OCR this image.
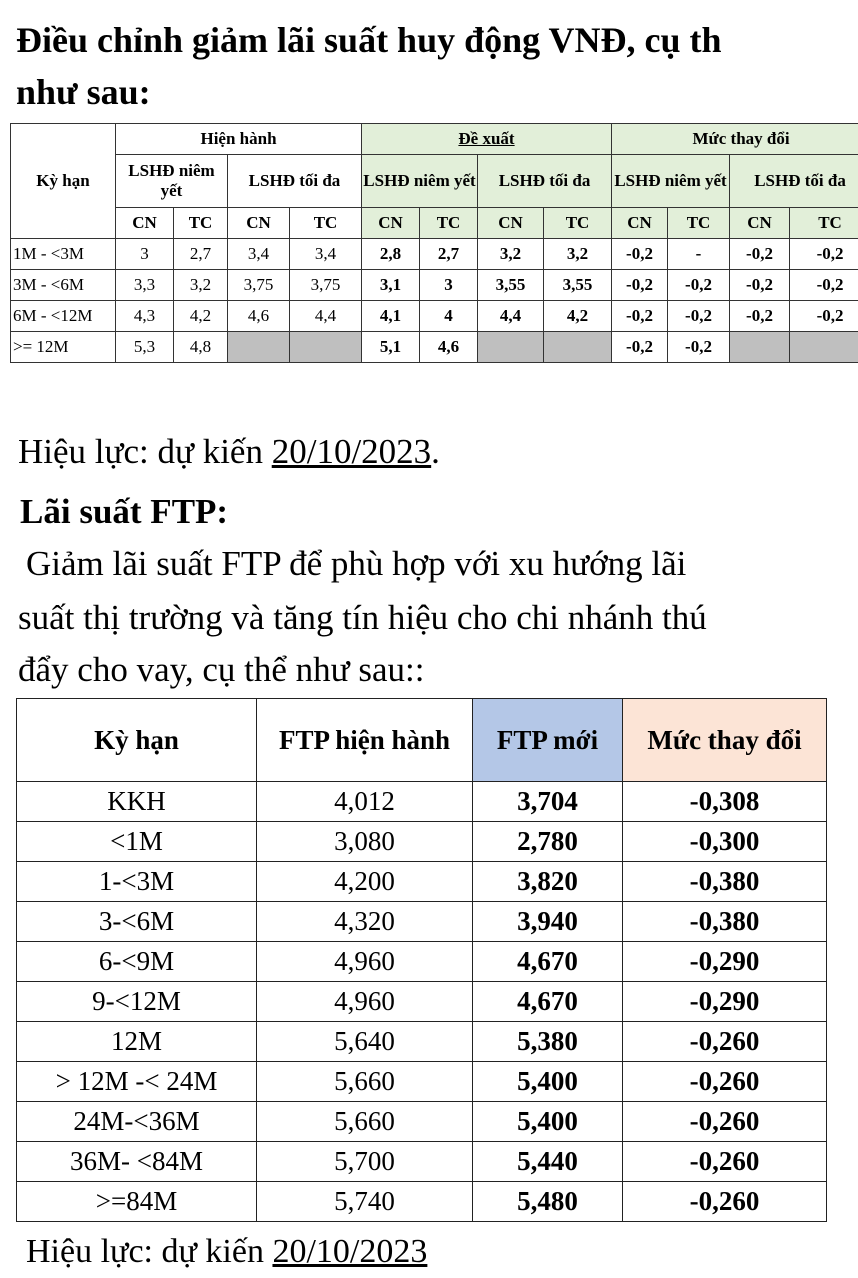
Điều chỉnh giảm lãi suất huy động VNĐ, cụ th
như sau:
Kỳ hạn	Hiện hành				Đề xuất				Mức thay đổi			
	LSHĐ niêm yết		LSHĐ tối đa		LSHĐ niêm yết		LSHĐ tối đa		LSHĐ niêm yết		LSHĐ tối đa	
	CN	TC	CN	TC	CN	TC	CN	TC	CN	TC	CN	TC
1M - <3M	3	2,7	3,4	3,4	2,8	2,7	3,2	3,2	-0,2	-	-0,2	-0,2
3M - <6M	3,3	3,2	3,75	3,75	3,1	3	3,55	3,55	-0,2	-0,2	-0,2	-0,2
6M - <12M	4,3	4,2	4,6	4,4	4,1	4	4,4	4,2	-0,2	-0,2	-0,2	-0,2
>= 12M	5,3	4,8			5,1	4,6			-0,2	-0,2		
Hiệu lực: dự kiến 20/10/2023.
Lãi suất FTP:
Giảm lãi suất FTP để phù hợp với xu hướng lãi
suất thị trường và tăng tín hiệu cho chi nhánh thú
đẩy cho vay, cụ thể như sau::
Kỳ hạn	FTP hiện hành	FTP mới	Mức thay đổi
KKH	4,012	3,704	-0,308
<1M	3,080	2,780	-0,300
1-<3M	4,200	3,820	-0,380
3-<6M	4,320	3,940	-0,380
6-<9M	4,960	4,670	-0,290
9-<12M	4,960	4,670	-0,290
12M	5,640	5,380	-0,260
> 12M -< 24M	5,660	5,400	-0,260
24M-<36M	5,660	5,400	-0,260
36M- <84M	5,700	5,440	-0,260
>=84M	5,740	5,480	-0,260
Hiệu lực: dự kiến 20/10/2023
